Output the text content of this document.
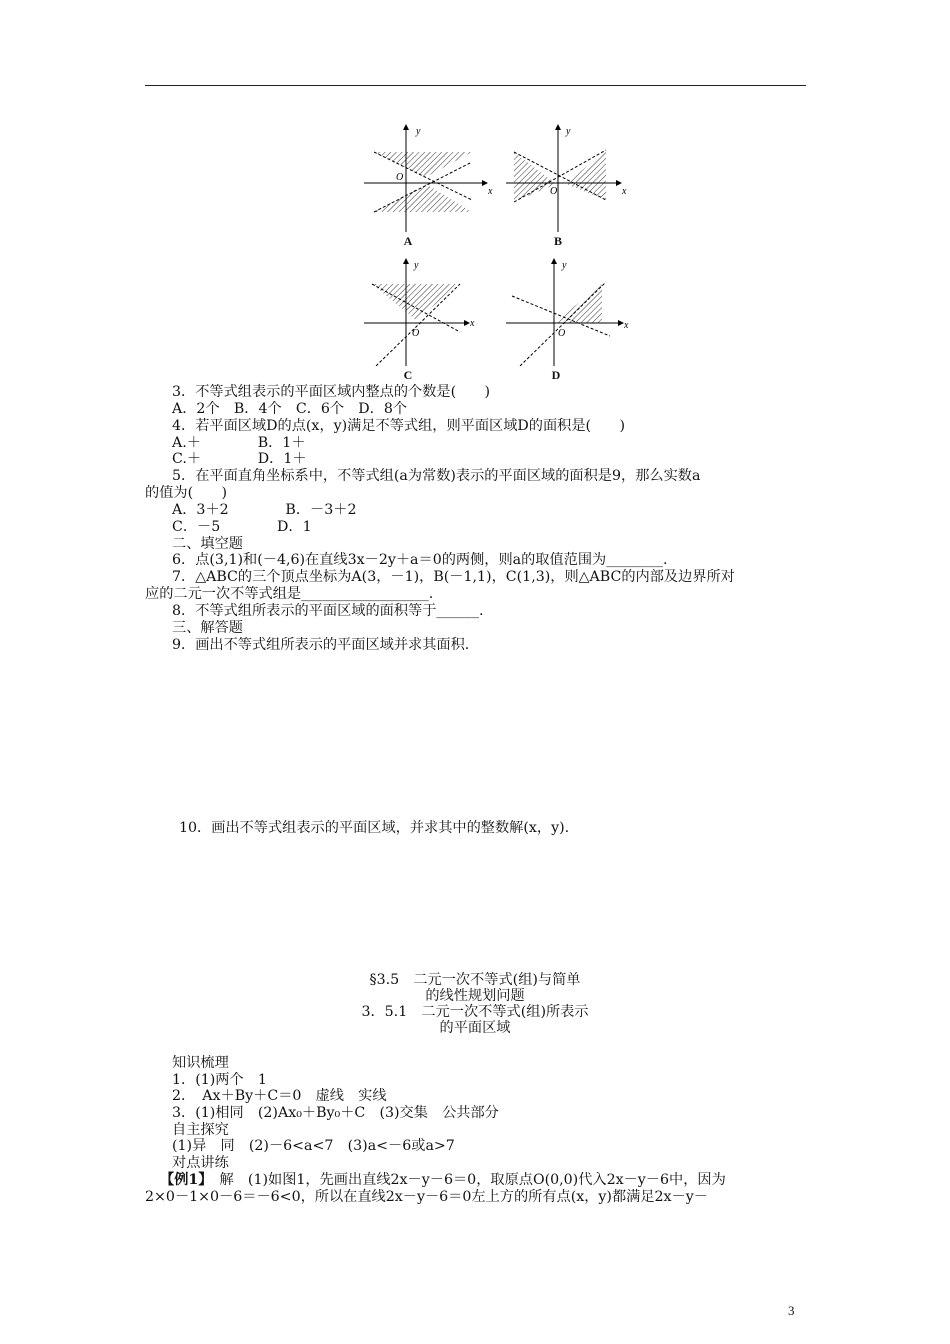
y
x
O
A
y
x
O
B
y
x
O
C
y
x
O
D
3．不等式组表示的平面区域内整点的个数是(　　)
A．2个　B．4个　C．6个　D．8个
4．若平面区域D的点(x，y)满足不等式组，则平面区域D的面积是(　　)
A.＋　　　　B．1＋
C.＋　　　　D．1＋
5．在平面直角坐标系中，不等式组(a为常数)表示的平面区域的面积是9，那么实数a
的值为(　　)
A．3＋2　　　　B．－3＋2
C．－5　　　　D．1
二、填空题
6．点(3,1)和(－4,6)在直线3x－2y＋a＝0的两侧，则a的取值范围为________.
7．△ABC的三个顶点坐标为A(3，－1)，B(－1,1)，C(1,3)，则△ABC的内部及边界所对
应的二元一次不等式组是__________________.
8．不等式组所表示的平面区域的面积等于______.
三、解答题
9．画出不等式组所表示的平面区域并求其面积.
10．画出不等式组表示的平面区域，并求其中的整数解(x，y).
§3.5　二元一次不等式(组)与简单
的线性规划问题
3．5.1　二元一次不等式(组)所表示
的平面区域
知识梳理
1．(1)两个　1
2．　Ax＋By＋C＝0　虚线　实线
3．(1)相同　(2)Ax₀＋By₀＋C　(3)交集　公共部分
自主探究
(1)异　同　(2)－6<a<7　(3)a<－6或a>7
对点讲练
【例1】　解　(1)如图1，先画出直线2x－y－6＝0，取原点O(0,0)代入2x－y－6中，因为
2×0－1×0－6＝－6<0，所以在直线2x－y－6＝0左上方的所有点(x，y)都满足2x－y－
3
